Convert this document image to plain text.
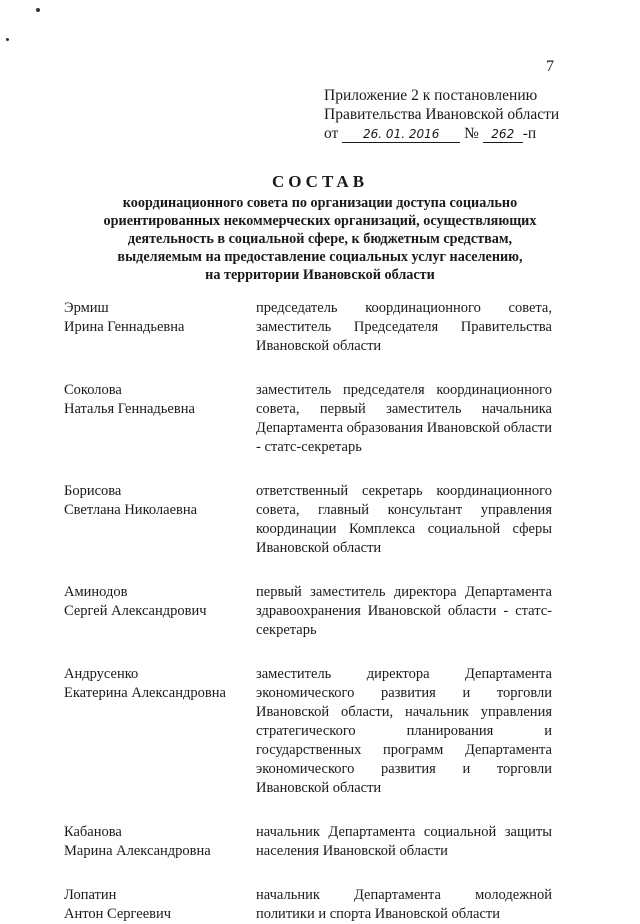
7
Приложение 2 к постановлению
Правительства Ивановской области
от 26. 01. 2016 № 262 -п
СОСТАВ
координационного совета по организации доступа социально
ориентированных некоммерческих организаций, осуществляющих
деятельность в социальной сфере, к бюджетным средствам,
выделяемым на предоставление социальных услуг населению,
на территории Ивановской области
Эрмиш
Ирина Геннадьевна
председатель координационного совета, заместитель Председателя Правительства Ивановской области
Соколова
Наталья Геннадьевна
заместитель председателя координационного совета, первый заместитель начальника Департамента образования Ивановской области - статс-секретарь
Борисова
Светлана Николаевна
ответственный секретарь координационного совета, главный консультант управления координации Комплекса социальной сферы Ивановской области
Аминодов
Сергей Александрович
первый заместитель директора Департамента здравоохранения Ивановской области - статс-секретарь
Андрусенко
Екатерина Александровна
заместитель директора Департамента экономического развития и торговли Ивановской области, начальник управления стратегического планирования и государственных программ Департамента экономического развития и торговли Ивановской области
Кабанова
Марина Александровна
начальник Департамента социальной защиты населения Ивановской области
Лопатин
Антон Сергеевич
начальник Департамента молодежной политики и спорта Ивановской области
